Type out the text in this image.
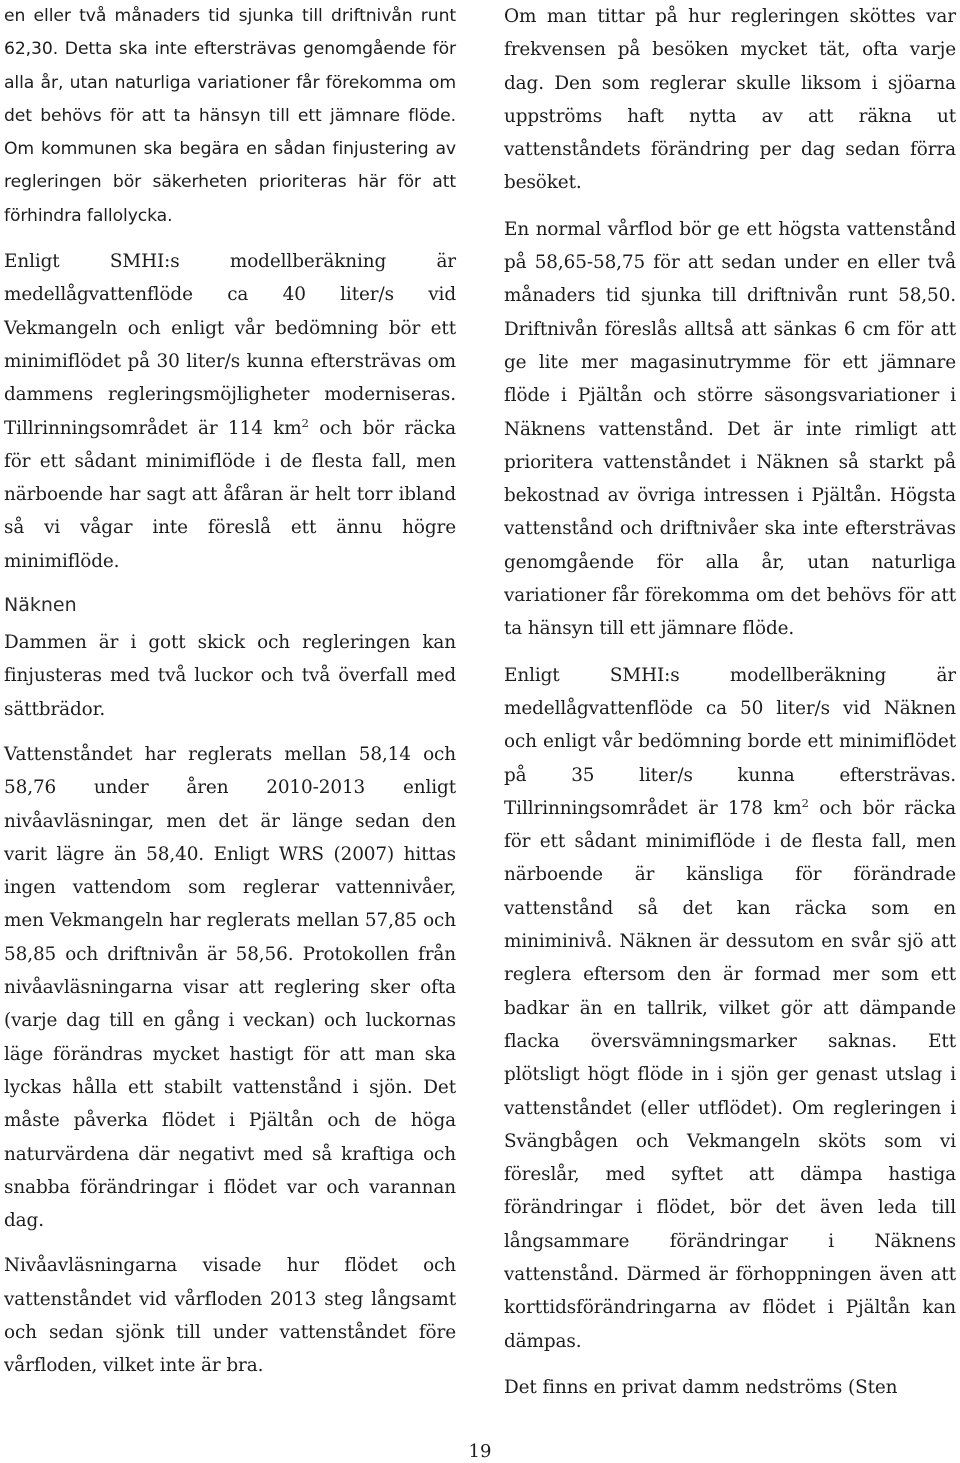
en eller två månaders tid sjunka till driftnivån runt 62,30. Detta ska inte eftersträvas genomgående för alla år, utan naturliga variationer får förekomma om det behövs för att ta hänsyn till ett jämnare flöde. Om kommunen ska begära en sådan finjustering av regleringen bör säkerheten prioriteras här för att förhindra fallolycka.

Enligt SMHI:s modellberäkning är medellågvattenflöde ca 40 liter/s vid Vekmangeln och enligt vår bedömning bör ett minimiflödet på 30 liter/s kunna eftersträvas om dammens regleringsmöjligheter moderniseras. Tillrinningsområdet är 114 $km^2$ och bör räcka för ett sådant minimiflöde i de flesta fall, men närboende har sagt att åfåran är helt torr ibland så vi vågar inte föreslå ett ännu högre minimiflöde.

Näknen

Dammen är i gott skick och regleringen kan finjusteras med två luckor och två överfall med sättbrädor.

Vattenståndet har reglerats mellan 58,14 och 58,76 under åren 2010-2013 enligt nivåavläsningar, men det är länge sedan den varit lägre än 58,40. Enligt WRS (2007) hittas ingen vattendom som reglerar vattennivåer, men Vekmangeln har reglerats mellan 57,85 och 58,85 och driftnivån är 58,56. Protokollen från nivåavläsningarna visar att reglering sker ofta (varje dag till en gång i veckan) och luckornas läge förändras mycket hastigt för att man ska lyckas hålla ett stabilt vattenstånd i sjön. Det måste påverka flödet i Pjältån och de höga naturvärdena där negativt med så kraftiga och snabba förändringar i flödet var och varannan dag.

Nivåavläsningarna visade hur flödet och vattenståndet vid vårfloden 2013 steg långsamt och sedan sjönk till under vattenståndet före vårfloden, vilket inte är bra.

Om man tittar på hur regleringen sköttes var frekvensen på besöken mycket tät, ofta varje dag. Den som reglerar skulle liksom i sjöarna uppströms haft nytta av att räkna ut vattenståndets förändring per dag sedan förra besöket.

En normal vårflod bör ge ett högsta vattenstånd på 58,65-58,75 för att sedan under en eller två månaders tid sjunka till driftnivån runt 58,50. Driftnivån föreslås alltså att sänkas 6 cm för att ge lite mer magasinutrymme för ett jämnare flöde i Pjältån och större säsongsvariationer i Näknens vattenstånd. Det är inte rimligt att prioritera vattenståndet i Näknen så starkt på bekostnad av övriga intressen i Pjältån. Högsta vattenstånd och driftnivåer ska inte eftersträvas genomgående för alla år, utan naturliga variationer får förekomma om det behövs för att ta hänsyn till ett jämnare flöde.

Enligt SMHI:s modellberäkning är medellågvattenflöde ca 50 liter/s vid Näknen och enligt vår bedömning borde ett minimiflödet på 35 liter/s kunna eftersträvas. Tillrinningsområdet är 178 $km^2$ och bör räcka för ett sådant minimiflöde i de flesta fall, men närboende är känsliga för förändrade vattenstånd så det kan räcka som en miniminivå. Näknen är dessutom en svår sjö att reglera eftersom den är formad mer som ett badkar än en tallrik, vilket gör att dämpande flacka översvämningsmarker saknas. Ett plötsligt högt flöde in i sjön ger genast utslag i vattenståndet (eller utflödet). Om regleringen i Svängbågen och Vekmangeln sköts som vi föreslår, med syftet att dämpa hastiga förändringar i flödet, bör det även leda till långsammare förändringar i Näknens vattenstånd. Därmed är förhoppningen även att korttidsförändringarna av flödet i Pjältån kan dämpas.

Det finns en privat damm nedströms (Sten

19
